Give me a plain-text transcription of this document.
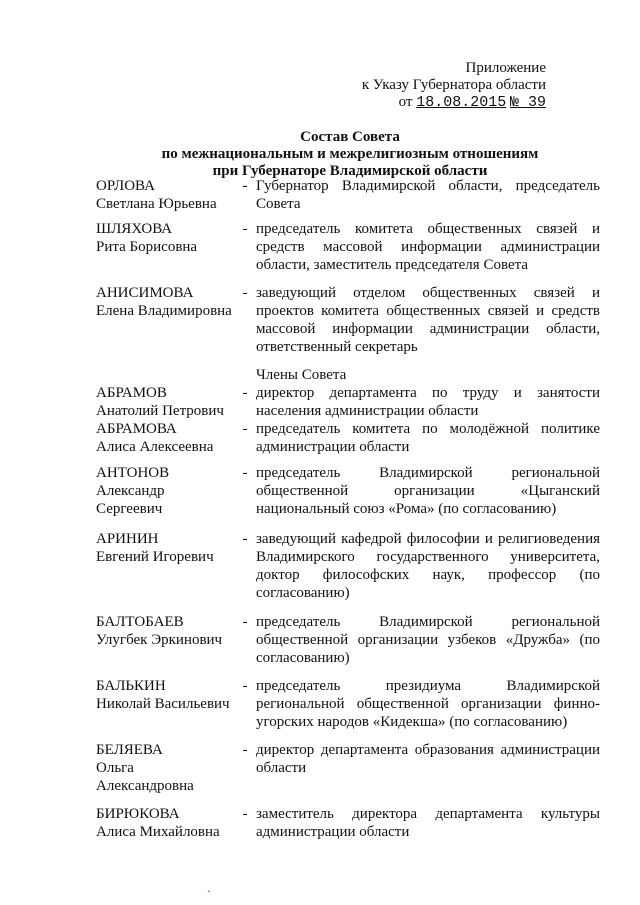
Приложение
к Указу Губернатора области
от 18.08.2015 № 39
Состав Совета
по межнациональным и межрелигиозным отношениям
при Губернаторе Владимирской области
ОРЛОВА
Светлана Юрьевна
- Губернатор Владимирской области, председатель Совета
ШЛЯХОВА
Рита Борисовна
- председатель комитета общественных связей и средств массовой информации администрации области, заместитель председателя Совета
АНИСИМОВА
Елена Владимировна
- заведующий отделом общественных связей и проектов комитета общественных связей и средств массовой информации администрации области, ответственный секретарь
Члены Совета
АБРАМОВ
Анатолий Петрович
- директор департамента по труду и занятости населения администрации области
АБРАМОВА
Алиса Алексеевна
- председатель комитета по молодёжной политике администрации области
АНТОНОВ
Александр Сергеевич
- председатель Владимирской региональной общественной организации «Цыганский национальный союз «Рома» (по согласованию)
АРИНИН
Евгений Игоревич
- заведующий кафедрой философии и религиоведения Владимирского государственного университета, доктор философских наук, профессор (по согласованию)
БАЛТОБАЕВ
Улугбек Эркинович
- председатель Владимирской региональной общественной организации узбеков «Дружба» (по согласованию)
БАЛЬКИН
Николай Васильевич
- председатель президиума Владимирской региональной общественной организации финно-угорских народов «Кидекша» (по согласованию)
БЕЛЯЕВА
Ольга Александровна
- директор департамента образования администрации области
БИРЮКОВА
Алиса Михайловна
- заместитель директора департамента культуры администрации области
`
